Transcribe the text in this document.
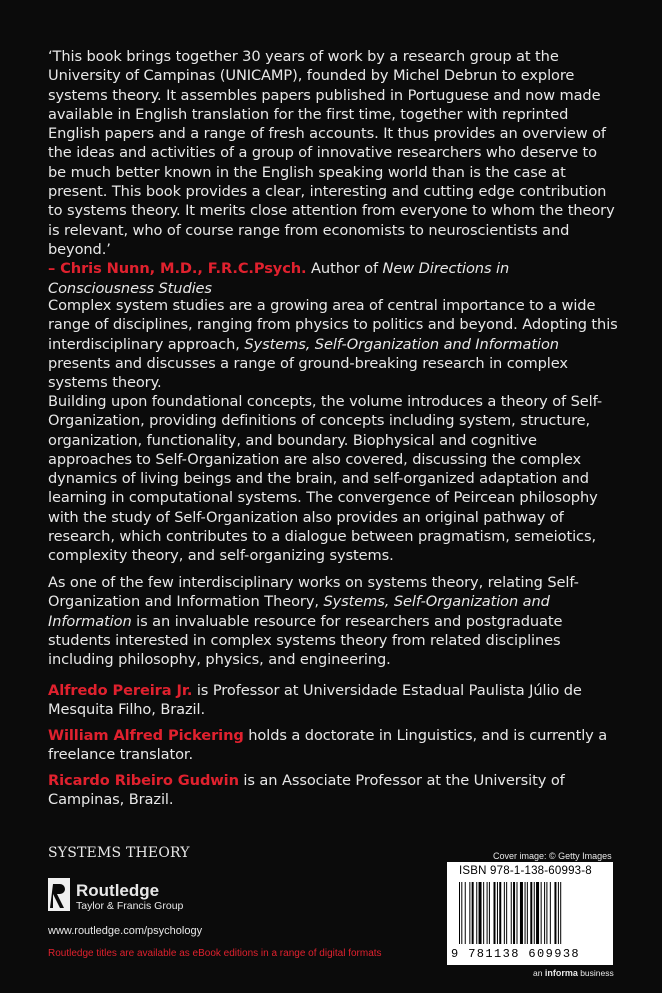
‘This book brings together 30 years of work by a research group at the University of Campinas (UNICAMP), founded by Michel Debrun to explore systems theory. It assembles papers published in Portuguese and now made available in English translation for the first time, together with reprinted English papers and a range of fresh accounts. It thus provides an overview of the ideas and activities of a group of innovative researchers who deserve to be much better known in the English speaking world than is the case at present. This book provides a clear, interesting and cutting edge contribution to systems theory. It merits close attention from everyone to whom the theory is relevant, who of course range from economists to neuroscientists and beyond.’
– Chris Nunn, M.D., F.R.C.Psych. Author of New Directions in Consciousness Studies
Complex system studies are a growing area of central importance to a wide range of disciplines, ranging from physics to politics and beyond. Adopting this interdisciplinary approach, Systems, Self-Organization and Information presents and discusses a range of ground-breaking research in complex systems theory.
Building upon foundational concepts, the volume introduces a theory of Self-Organization, providing definitions of concepts including system, structure, organization, functionality, and boundary. Biophysical and cognitive approaches to Self-Organization are also covered, discussing the complex dynamics of living beings and the brain, and self-organized adaptation and learning in computational systems. The convergence of Peircean philosophy with the study of Self-Organization also provides an original pathway of research, which contributes to a dialogue between pragmatism, semeiotics, complexity theory, and self-organizing systems.
As one of the few interdisciplinary works on systems theory, relating Self-Organization and Information Theory, Systems, Self-Organization and Information is an invaluable resource for researchers and postgraduate students interested in complex systems theory from related disciplines including philosophy, physics, and engineering.
Alfredo Pereira Jr. is Professor at Universidade Estadual Paulista Júlio de Mesquita Filho, Brazil.
William Alfred Pickering holds a doctorate in Linguistics, and is currently a freelance translator.
Ricardo Ribeiro Gudwin is an Associate Professor at the University of Campinas, Brazil.
SYSTEMS THEORY
Routledge
Taylor & Francis Group
www.routledge.com/psychology
Routledge titles are available as eBook editions in a range of digital formats
Cover image: © Getty Images
ISBN 978-1-138-60993-8
9 781138 609938
an informa business
